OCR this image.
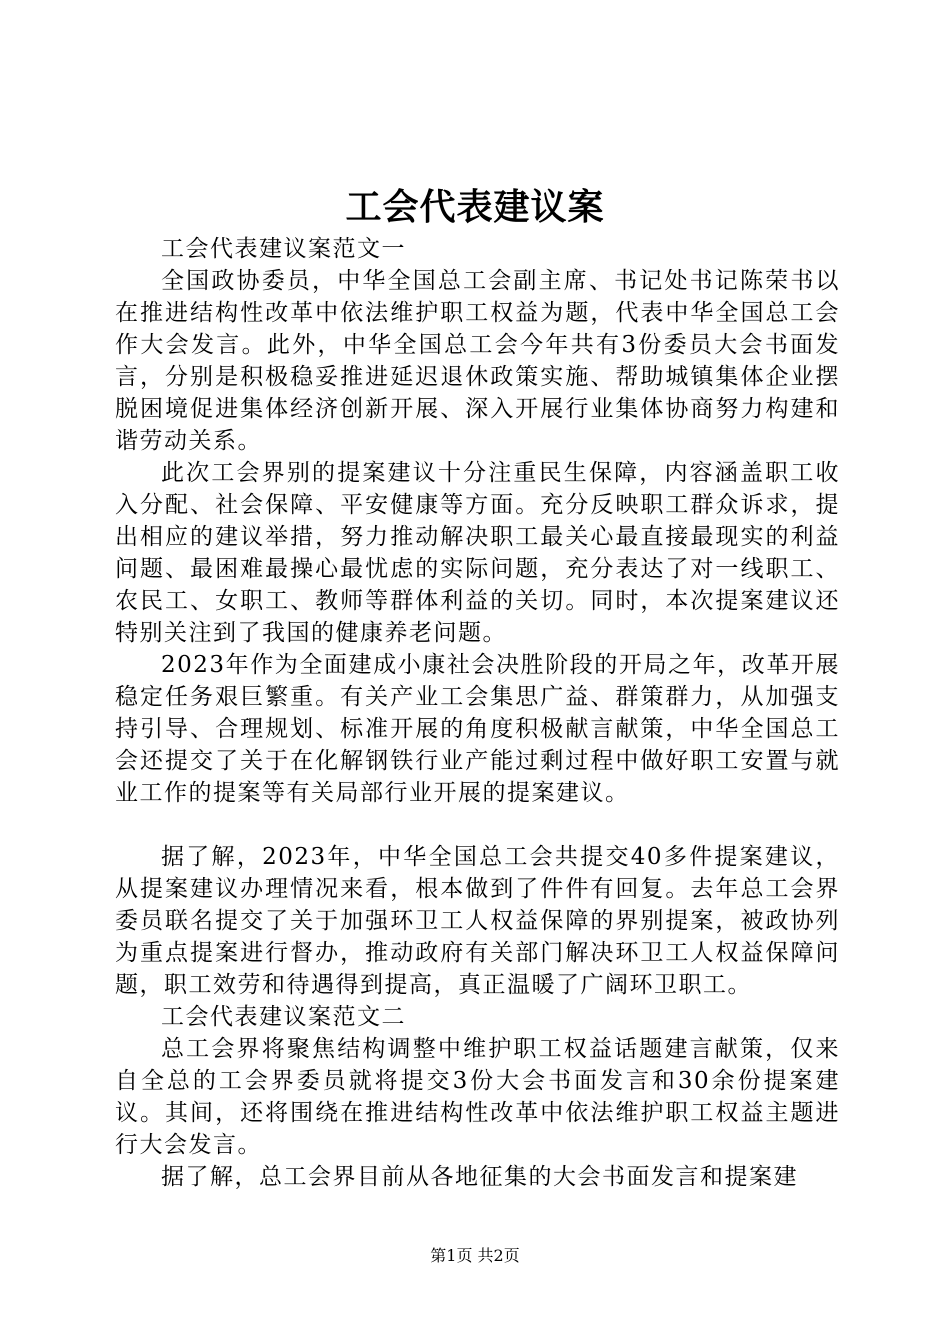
工会代表建议案

工会代表建议案范文一

全国政协委员，中华全国总工会副主席、书记处书记陈荣书以在推进结构性改革中依法维护职工权益为题，代表中华全国总工会作大会发言。此外，中华全国总工会今年共有3份委员大会书面发言，分别是积极稳妥推进延迟退休政策实施、帮助城镇集体企业摆脱困境促进集体经济创新开展、深入开展行业集体协商努力构建和谐劳动关系。

此次工会界别的提案建议十分注重民生保障，内容涵盖职工收入分配、社会保障、平安健康等方面。充分反映职工群众诉求，提出相应的建议举措，努力推动解决职工最关心最直接最现实的利益问题、最困难最操心最忧虑的实际问题，充分表达了对一线职工、农民工、女职工、教师等群体利益的关切。同时，本次提案建议还特别关注到了我国的健康养老问题。

2023年作为全面建成小康社会决胜阶段的开局之年，改革开展稳定任务艰巨繁重。有关产业工会集思广益、群策群力，从加强支持引导、合理规划、标准开展的角度积极献言献策，中华全国总工会还提交了关于在化解钢铁行业产能过剩过程中做好职工安置与就业工作的提案等有关局部行业开展的提案建议。

据了解，2023年，中华全国总工会共提交40多件提案建议，从提案建议办理情况来看，根本做到了件件有回复。去年总工会界委员联名提交了关于加强环卫工人权益保障的界别提案，被政协列为重点提案进行督办，推动政府有关部门解决环卫工人权益保障问题，职工效劳和待遇得到提高，真正温暖了广阔环卫职工。

工会代表建议案范文二

总工会界将聚焦结构调整中维护职工权益话题建言献策，仅来自全总的工会界委员就将提交3份大会书面发言和30余份提案建议。其间，还将围绕在推进结构性改革中依法维护职工权益主题进行大会发言。

据了解，总工会界目前从各地征集的大会书面发言和提案建

第1页 共2页
